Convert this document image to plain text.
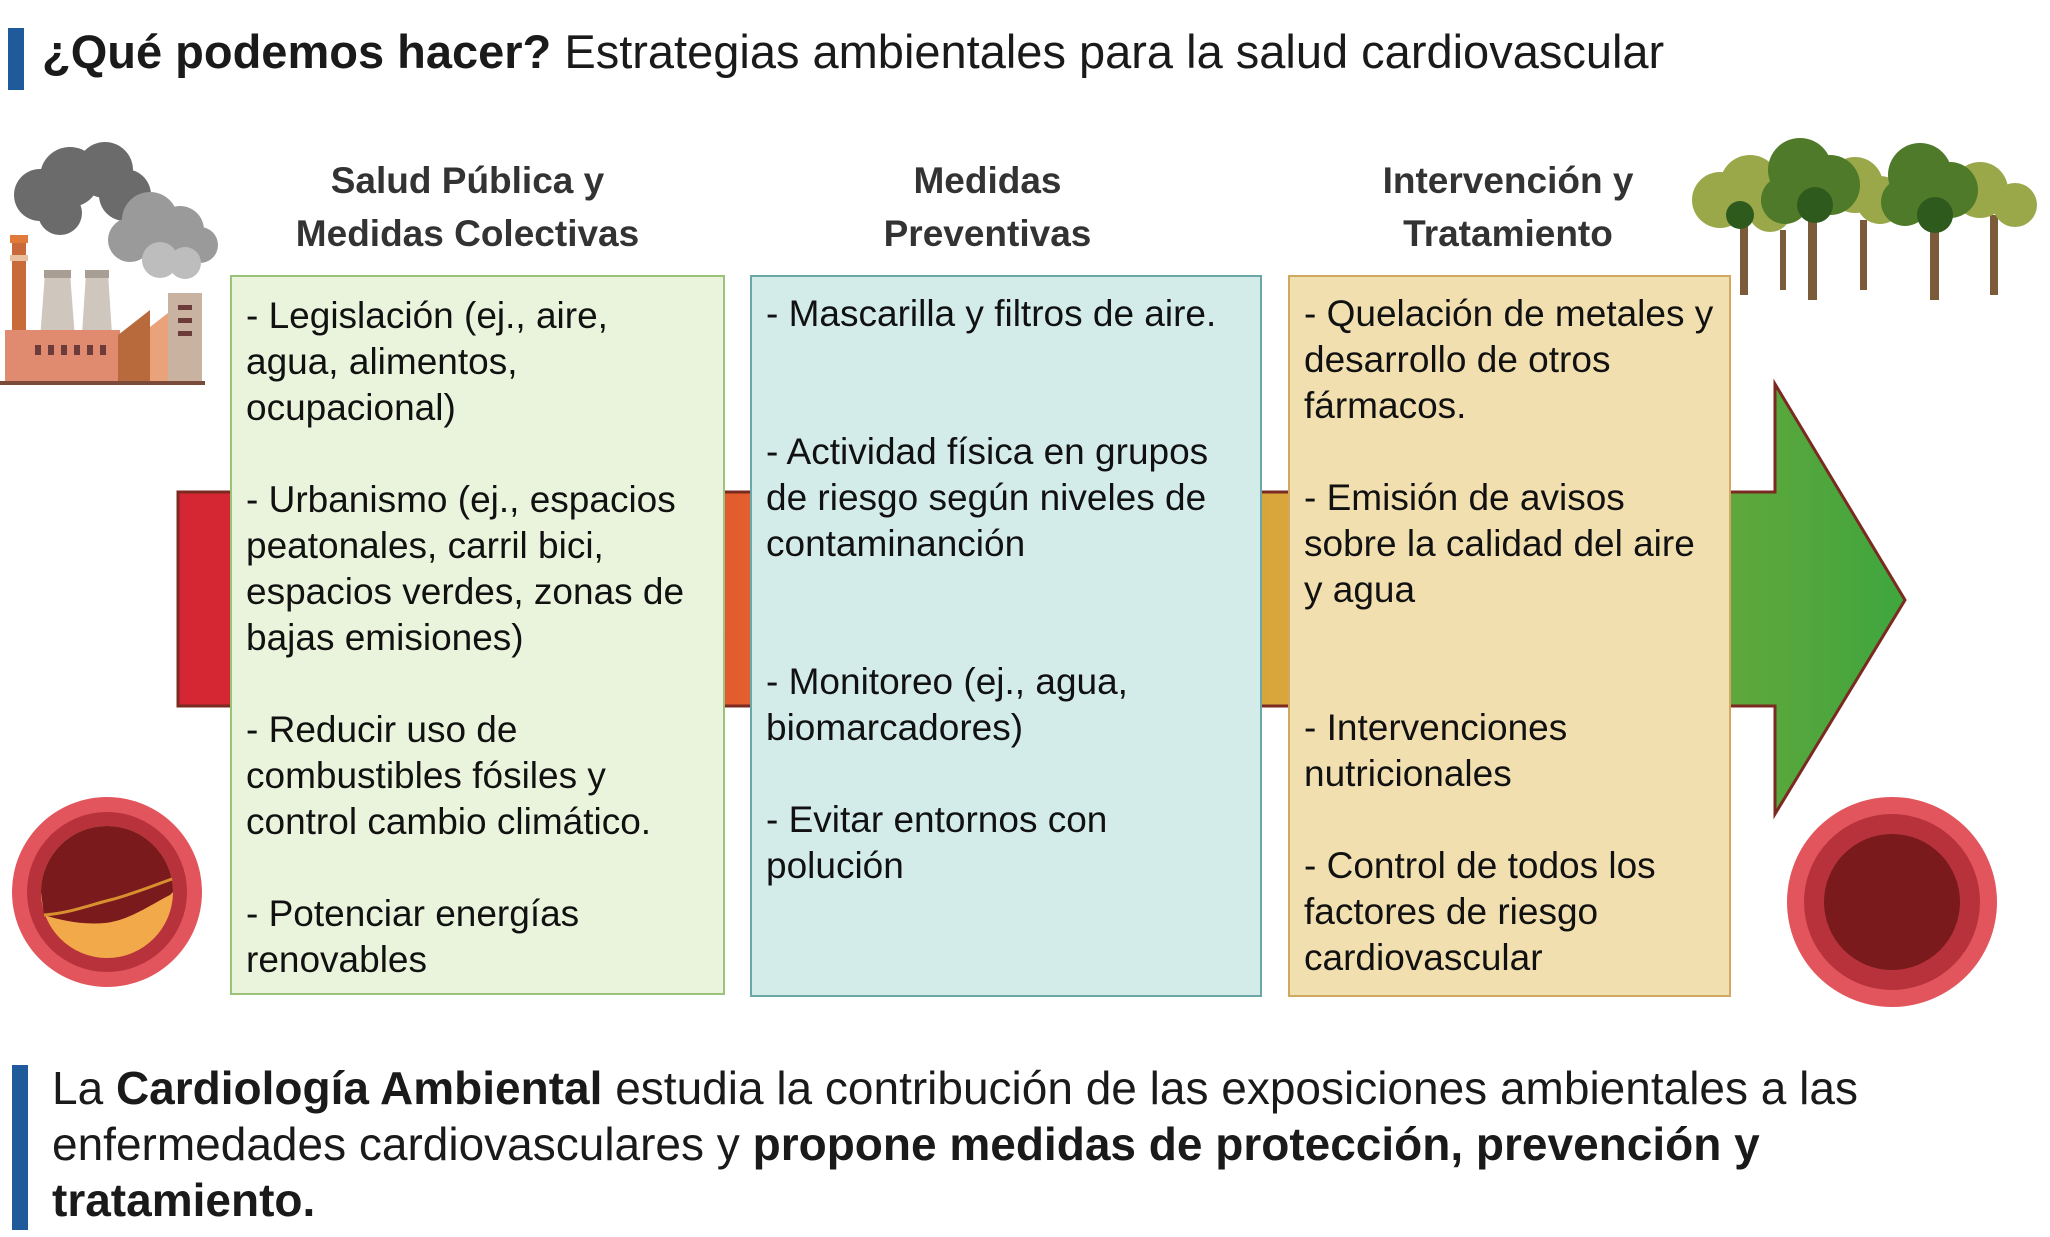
¿Qué podemos hacer? Estrategias ambientales para la salud cardiovascular
Salud Pública y
Medidas Colectivas
Medidas
Preventivas
Intervención y
Tratamiento

- Legislación (ej., aire, agua, alimentos, ocupacional)

- Urbanismo (ej., espacios peatonales, carril bici, espacios verdes, zonas de bajas emisiones)

- Reducir uso de combustibles fósiles y control cambio climático.

- Potenciar energías renovables

- Mascarilla y filtros de aire.

- Actividad física en grupos de riesgo según niveles de contaminanción

- Monitoreo (ej., agua, biomarcadores)

- Evitar entornos con polución

- Quelación de metales y desarrollo de otros fármacos.

- Emisión de avisos sobre la calidad del aire y agua

- Intervenciones nutricionales

- Control de todos los factores de riesgo cardiovascular

La Cardiología Ambiental estudia la contribución de las exposiciones ambientales a las enfermedades cardiovasculares y propone medidas de protección, prevención y tratamiento.
